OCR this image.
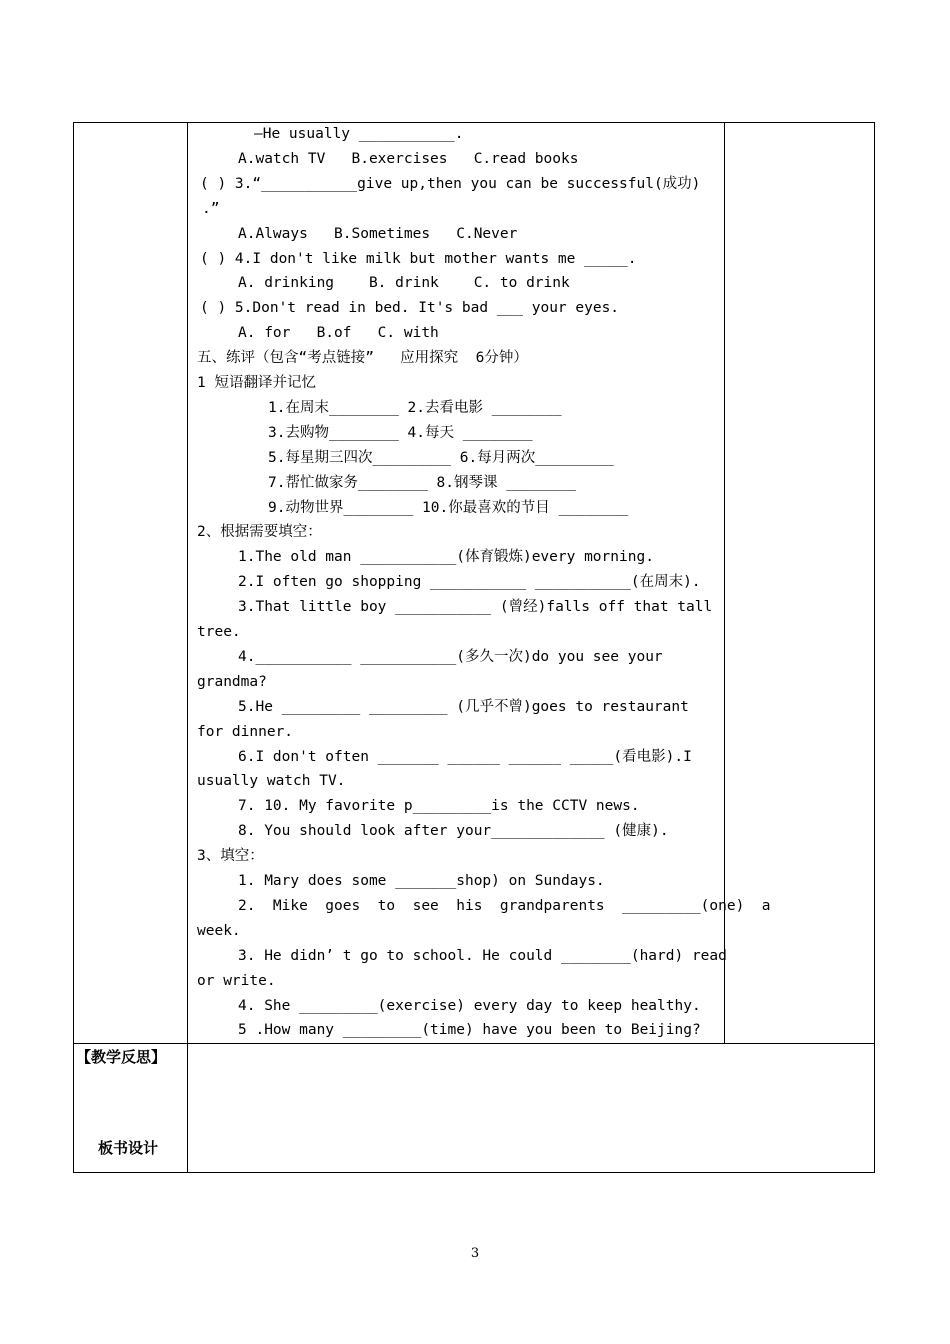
—He usually ___________.
A.watch TV   B.exercises   C.read books
( ) 3.“___________give up,then you can be successful(成功)
.”
A.Always   B.Sometimes   C.Never
( ) 4.I don't like milk but mother wants me _____.
A. drinking    B. drink    C. to drink
( ) 5.Don't read in bed. It's bad ___ your eyes.
A. for   B.of   C. with
五、练评（包含“考点链接”   应用探究  6分钟）
1 短语翻译并记忆
1.在周末________ 2.去看电影 ________
3.去购物________ 4.每天 ________
5.每星期三四次_________ 6.每月两次_________
7.帮忙做家务________ 8.钢琴课 ________
9.动物世界________ 10.你最喜欢的节目 ________
2、根据需要填空：
1.The old man ___________(体育锻炼)every morning.
2.I often go shopping ___________ ___________(在周末).
3.That little boy ___________ (曾经)falls off that tall
tree.
4.___________ ___________(多久一次)do you see your
grandma?
5.He _________ _________ (几乎不曾)goes to restaurant
for dinner.
6.I don't often _______ ______ ______ _____(看电影).I
usually watch TV.
7. 10. My favorite p_________is the CCTV news.
8. You should look after your_____________ (健康).
3、填空：
1. Mary does some _______shop) on Sundays.
2.  Mike  goes  to  see  his  grandparents  _________(one)  a
week.
3. He didn’ t go to school. He could ________(hard) read
or write.
4. She _________(exercise) every day to keep healthy.
5 .How many _________(time) have you been to Beijing?
【教学反思】
板书设计
3
